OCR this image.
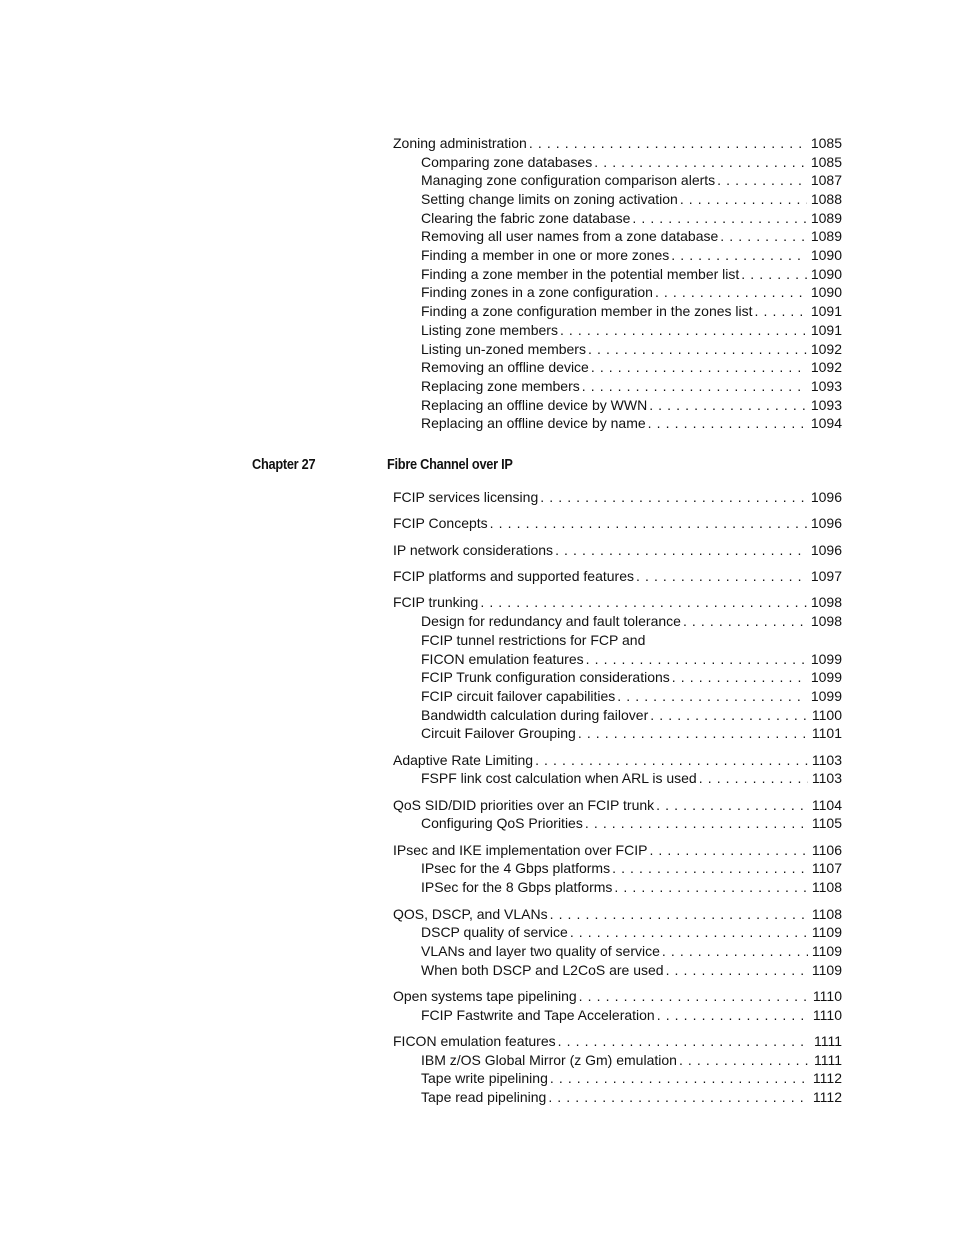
Zoning administration . . .	1085
Comparing zone databases . . .	1085
Managing zone configuration comparison alerts . . .	1087
Setting change limits on zoning activation . . .	1088
Clearing the fabric zone database . . .	1089
Removing all user names from a zone database . . .	1089
Finding a member in one or more zones . . .	1090
Finding a zone member in the potential member list . . .	1090
Finding zones in a zone configuration . . .	1090
Finding a zone configuration member in the zones list . . .	1091
Listing zone members . . .	1091
Listing un-zoned members . . .	1092
Removing an offline device . . .	1092
Replacing zone members . . .	1093
Replacing an offline device by WWN . . .	1093
Replacing an offline device by name . . .	1094
Chapter 27	Fibre Channel over IP
FCIP services licensing . . .	1096
FCIP Concepts . . .	1096
IP network considerations . . .	1096
FCIP platforms and supported features . . .	1097
FCIP trunking . . .	1098
Design for redundancy and fault tolerance . . .	1098
FCIP tunnel restrictions for FCP and
FICON emulation features . . .	1099
FCIP Trunk configuration considerations . . .	1099
FCIP circuit failover capabilities . . .	1099
Bandwidth calculation during failover . . .	1100
Circuit Failover Grouping . . .	1101
Adaptive Rate Limiting . . .	1103
FSPF link cost calculation when ARL is used . . .	1103
QoS SID/DID priorities over an FCIP trunk . . .	1104
Configuring QoS Priorities . . .	1105
IPsec and IKE implementation over FCIP . . .	1106
IPsec for the 4 Gbps platforms . . .	1107
IPSec for the 8 Gbps platforms . . .	1108
QOS, DSCP, and VLANs . . .	1108
DSCP quality of service . . .	1109
VLANs and layer two quality of service . . .	1109
When both DSCP and L2CoS are used . . .	1109
Open systems tape pipelining . . .	1110
FCIP Fastwrite and Tape Acceleration . . .	1110
FICON emulation features . . .	1111
IBM z/OS Global Mirror (z Gm) emulation . . .	1111
Tape write pipelining . . .	1112
Tape read pipelining . . .	1112
